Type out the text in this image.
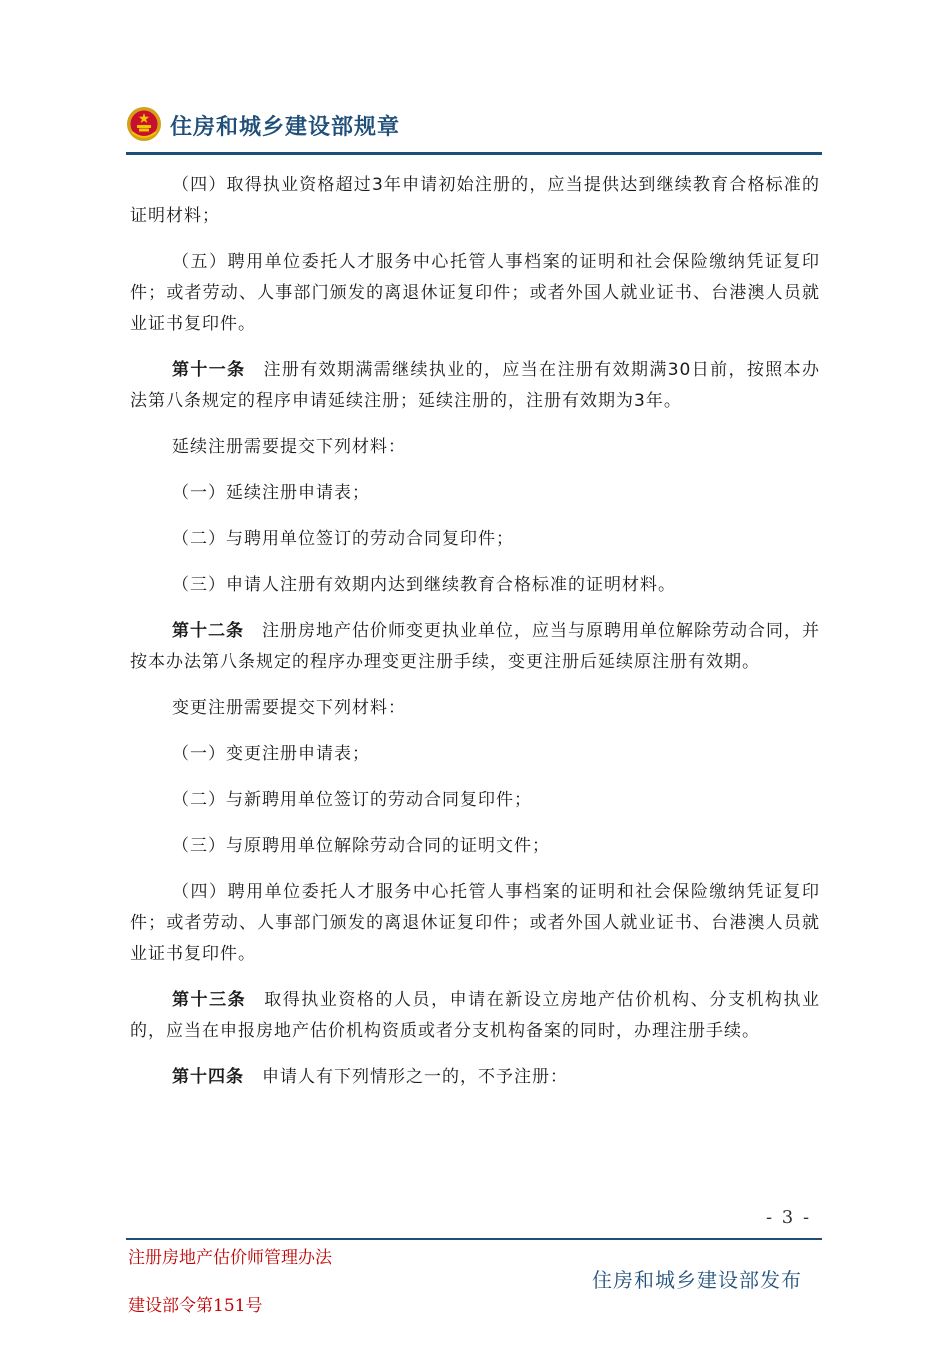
住房和城乡建设部规章

（四）取得执业资格超过3年申请初始注册的，应当提供达到继续教育合格标准的证明材料；

（五）聘用单位委托人才服务中心托管人事档案的证明和社会保险缴纳凭证复印件；或者劳动、人事部门颁发的离退休证复印件；或者外国人就业证书、台港澳人员就业证书复印件。

第十一条 注册有效期满需继续执业的，应当在注册有效期满30日前，按照本办法第八条规定的程序申请延续注册；延续注册的，注册有效期为3年。

延续注册需要提交下列材料：

（一）延续注册申请表；

（二）与聘用单位签订的劳动合同复印件；

（三）申请人注册有效期内达到继续教育合格标准的证明材料。

第十二条 注册房地产估价师变更执业单位，应当与原聘用单位解除劳动合同，并按本办法第八条规定的程序办理变更注册手续，变更注册后延续原注册有效期。

变更注册需要提交下列材料：

（一）变更注册申请表；

（二）与新聘用单位签订的劳动合同复印件；

（三）与原聘用单位解除劳动合同的证明文件；

（四）聘用单位委托人才服务中心托管人事档案的证明和社会保险缴纳凭证复印件；或者劳动、人事部门颁发的离退休证复印件；或者外国人就业证书、台港澳人员就业证书复印件。

第十三条 取得执业资格的人员，申请在新设立房地产估价机构、分支机构执业的，应当在申报房地产估价机构资质或者分支机构备案的同时，办理注册手续。

第十四条 申请人有下列情形之一的，不予注册：

- 3 -
注册房地产估价师管理办法
建设部令第151号
住房和城乡建设部发布
